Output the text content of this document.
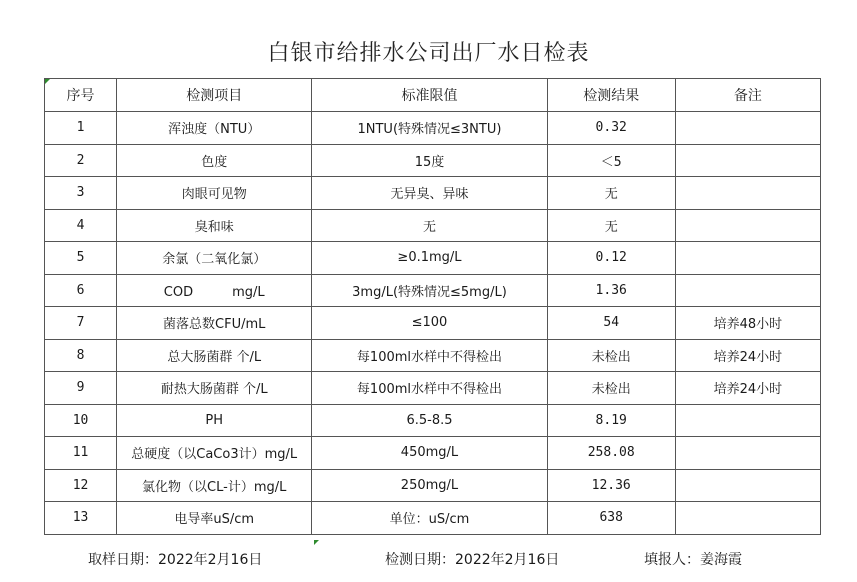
白银市给排水公司出厂水日检表
序号	检测项目	标准限值	检测结果	备注
1	浑浊度（NTU）	1NTU(特殊情况≤3NTU)	0.32	
2	色度	15度	＜5	
3	肉眼可见物	无异臭、异味	无	
4	臭和味	无	无	
5	余氯（二氧化氯）	≥0.1mg/L	0.12	
6	COD　　　mg/L	3mg/L(特殊情况≤5mg/L)	1.36	
7	菌落总数CFU/mL	≤100	54	培养48小时
8	总大肠菌群 个/L	每100ml水样中不得检出	未检出	培养24小时
9	耐热大肠菌群 个/L	每100ml水样中不得检出	未检出	培养24小时
10	PH	6.5-8.5	8.19	
11	总硬度（以CaCo3计）mg/L	450mg/L	258.08	
12	氯化物（以CL-计）mg/L	250mg/L	12.36	
13	电导率uS/cm	单位：uS/cm	638	
取样日期：2022年2月16日	检测日期：2022年2月16日	填报人：姜海霞
